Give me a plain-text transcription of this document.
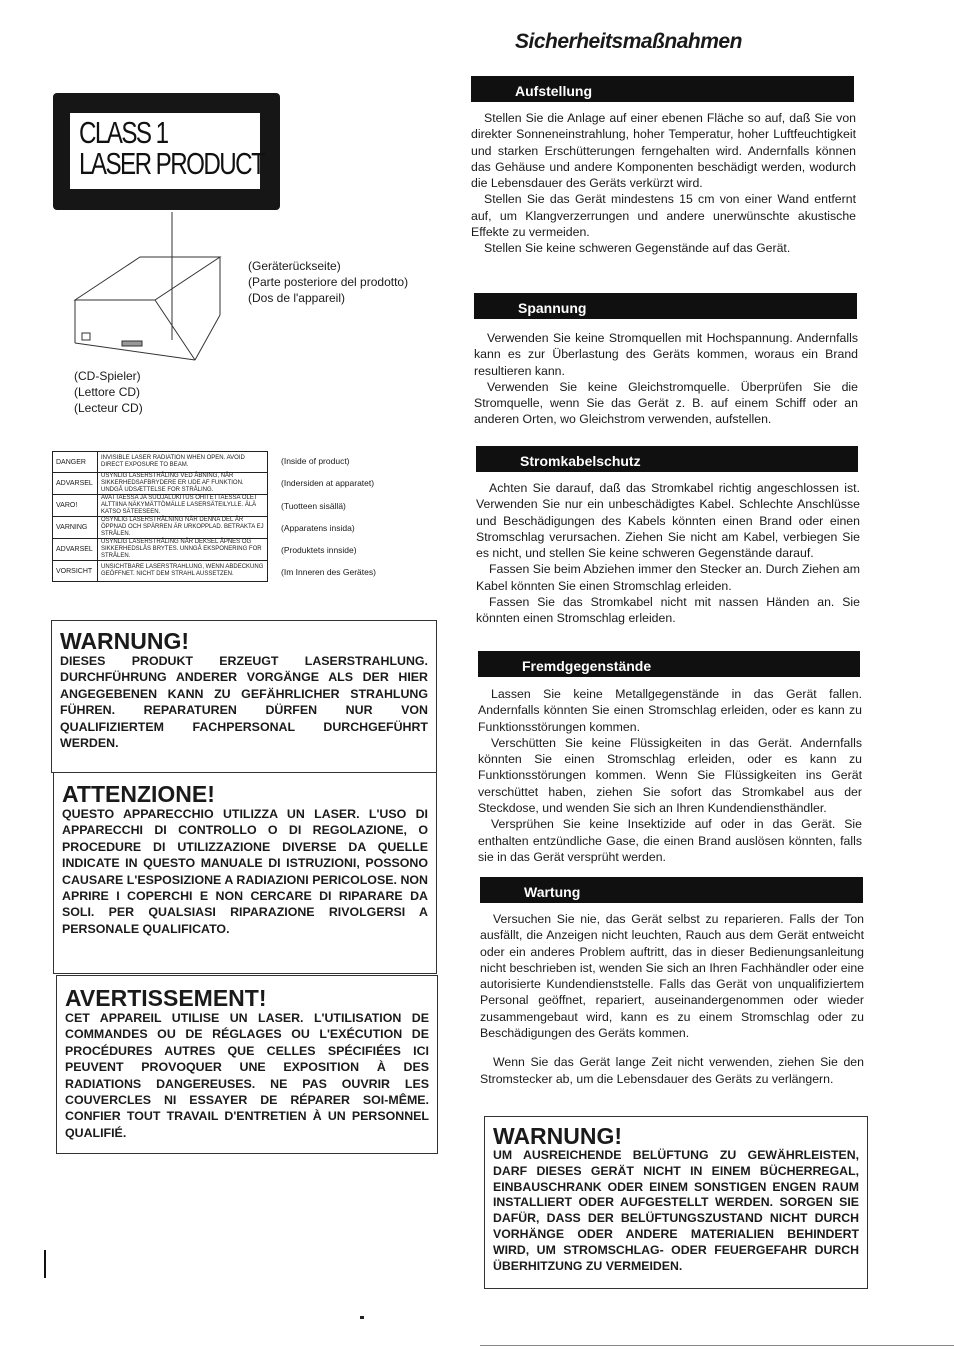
Sicherheitsmaßnahmen
CLASS 1
LASER PRODUCT
(Geräterückseite)
(Parte posteriore del prodotto)
(Dos de l'appareil)
(CD-Spieler)
(Lettore CD)
(Lecteur CD)
DANGER	INVISIBLE LASER RADIATION WHEN OPEN. AVOID DIRECT EXPOSURE TO BEAM.
ADVARSEL	USYNLIG LASERSTRÅLING VED ÅBNING, NÅR SIKKERHEDSAFBRYDERE ER UDE AF FUNKTION. UNDGÅ UDSÆTTELSE FOR STRÅLING.
VARO!	AVATTAESSA JA SUOJALUKITUS OHITETTAESSA OLET ALTTIINA NÄKYMÄTTÖMÄLLE LASERSÄTEILYLLE. ÄLÄ KATSO SÄTEESEEN.
VARNING	OSYNLIG LASERSTRÅLNING NÄR DENNA DEL ÄR ÖPPNAD OCH SPÄRREN ÄR URKOPPLAD. BETRAKTA EJ STRÅLEN.
ADVARSEL	USYNLIG LASERSTRÅLING NÅR DEKSEL ÅPNES OG SIKKERHEDSLÅS BRYTES. UNNGÅ EKSPONERING FOR STRÅLEN.
VORSICHT	UNSICHTBARE LASERSTRAHLUNG, WENN ABDECKUNG GEÖFFNET. NICHT DEM STRAHL AUSSETZEN.
(Inside of product)
(Indersiden at apparatet)
(Tuotteen sisällä)
(Apparatens insida)
(Produktets innside)
(Im Inneren des Gerätes)
WARNUNG!

DIESES PRODUKT ERZEUGT LASERSTRAHLUNG. DURCHFÜHRUNG ANDERER VORGÄNGE ALS DER HIER ANGEGEBENEN KANN ZU GEFÄHRLICHER STRAHLUNG FÜHREN. REPARATUREN DÜRFEN NUR VON QUALIFIZIERTEM FACHPERSONAL DURCHGEFÜHRT WERDEN.

ATTENZIONE!

QUESTO APPARECCHIO UTILIZZA UN LASER. L'USO DI APPARECCHI DI CONTROLLO O DI REGOLAZIONE, O PROCEDURE DI UTILIZZAZIONE DIVERSE DA QUELLE INDICATE IN QUESTO MANUALE DI ISTRUZIONI, POSSONO CAUSARE L'ESPOSIZIONE A RADIAZIONI PERICOLOSE. NON APRIRE I COPERCHI E NON CERCARE DI RIPARARE DA SOLI. PER QUALSIASI RIPARAZIONE RIVOLGERSI A PERSONALE QUALIFICATO.

AVERTISSEMENT!

CET APPAREIL UTILISE UN LASER. L'UTILISATION DE COMMANDES OU DE RÉGLAGES OU L'EXÉCUTION DE PROCÉDURES AUTRES QUE CELLES SPÉCIFIÉES ICI PEUVENT PROVOQUER UNE EXPOSITION À DES RADIATIONS DANGEREUSES. NE PAS OUVRIR LES COUVERCLES NI ESSAYER DE RÉPARER SOI-MÊME. CONFIER TOUT TRAVAIL D'ENTRETIEN À UN PERSONNEL QUALIFIÉ.

Aufstellung

Stellen Sie die Anlage auf einer ebenen Fläche so auf, daß Sie von direkter Sonneneinstrahlung, hoher Temperatur, hoher Luftfeuchtigkeit und starken Erschütterungen ferngehalten wird. Andernfalls können das Gehäuse und andere Komponenten beschädigt werden, wodurch die Lebensdauer des Geräts verkürzt wird.

Stellen Sie das Gerät mindestens 15 cm von einer Wand entfernt auf, um Klangverzerrungen und andere unerwünschte akustische Effekte zu vermeiden.

Stellen Sie keine schweren Gegenstände auf das Gerät.

Spannung

Verwenden Sie keine Stromquellen mit Hochspannung. Andernfalls kann es zur Überlastung des Geräts kommen, woraus ein Brand resultieren kann.

Verwenden Sie keine Gleichstromquelle. Überprüfen Sie die Stromquelle, wenn Sie das Gerät z. B. auf einem Schiff oder an anderen Orten, wo Gleichstrom verwenden, aufstellen.

Stromkabelschutz

Achten Sie darauf, daß das Stromkabel richtig angeschlossen ist. Verwenden Sie nur ein unbeschädigtes Kabel. Schlechte Anschlüsse und Beschädigungen des Kabels könnten einen Brand oder einen Stromschlag verursachen. Ziehen Sie nicht am Kabel, verbiegen Sie es nicht, und stellen Sie keine schweren Gegenstände darauf.

Fassen Sie beim Abziehen immer den Stecker an. Durch Ziehen am Kabel könnten Sie einen Stromschlag erleiden.

Fassen Sie das Stromkabel nicht mit nassen Händen an. Sie könnten einen Stromschlag erleiden.

Fremdgegenstände

Lassen Sie keine Metallgegenstände in das Gerät fallen. Andernfalls könnten Sie einen Stromschlag erleiden, oder es kann zu Funktionsstörungen kommen.

Verschütten Sie keine Flüssigkeiten in das Gerät. Andernfalls könnten Sie einen Stromschlag erleiden, oder es kann zu Funktionsstörungen kommen. Wenn Sie Flüssigkeiten ins Gerät verschüttet haben, ziehen Sie sofort das Stromkabel aus der Steckdose, und wenden Sie sich an Ihren Kundendiensthändler.

Versprühen Sie keine Insektizide auf oder in das Gerät. Sie enthalten entzündliche Gase, die einen Brand auslösen könnten, falls sie in das Gerät versprüht werden.

Wartung

Versuchen Sie nie, das Gerät selbst zu reparieren. Falls der Ton ausfällt, die Anzeigen nicht leuchten, Rauch aus dem Gerät entweicht oder ein anderes Problem auftritt, das in dieser Bedienungsanleitung nicht beschrieben ist, wenden Sie sich an Ihren Fachhändler oder eine autorisierte Kundendienststelle. Falls das Gerät von unqualifiziertem Personal geöffnet, repariert, auseinandergenommen oder wieder zusammengebaut wird, kann es zu einem Stromschlag oder zu Beschädigungen des Geräts kommen.

Wenn Sie das Gerät lange Zeit nicht verwenden, ziehen Sie den Stromstecker ab, um die Lebensdauer des Geräts zu verlängern.

WARNUNG!

UM AUSREICHENDE BELÜFTUNG ZU GEWÄHRLEISTEN, DARF DIESES GERÄT NICHT IN EINEM BÜCHERREGAL, EINBAUSCHRANK ODER EINEM SONSTIGEN ENGEN RAUM INSTALLIERT ODER AUFGESTELLT WERDEN. SORGEN SIE DAFÜR, DASS DER BELÜFTUNGSZUSTAND NICHT DURCH VORHÄNGE ODER ANDERE MATERIALIEN BEHINDERT WIRD, UM STROMSCHLAG- ODER FEUERGEFAHR DURCH ÜBERHITZUNG ZU VERMEIDEN.
